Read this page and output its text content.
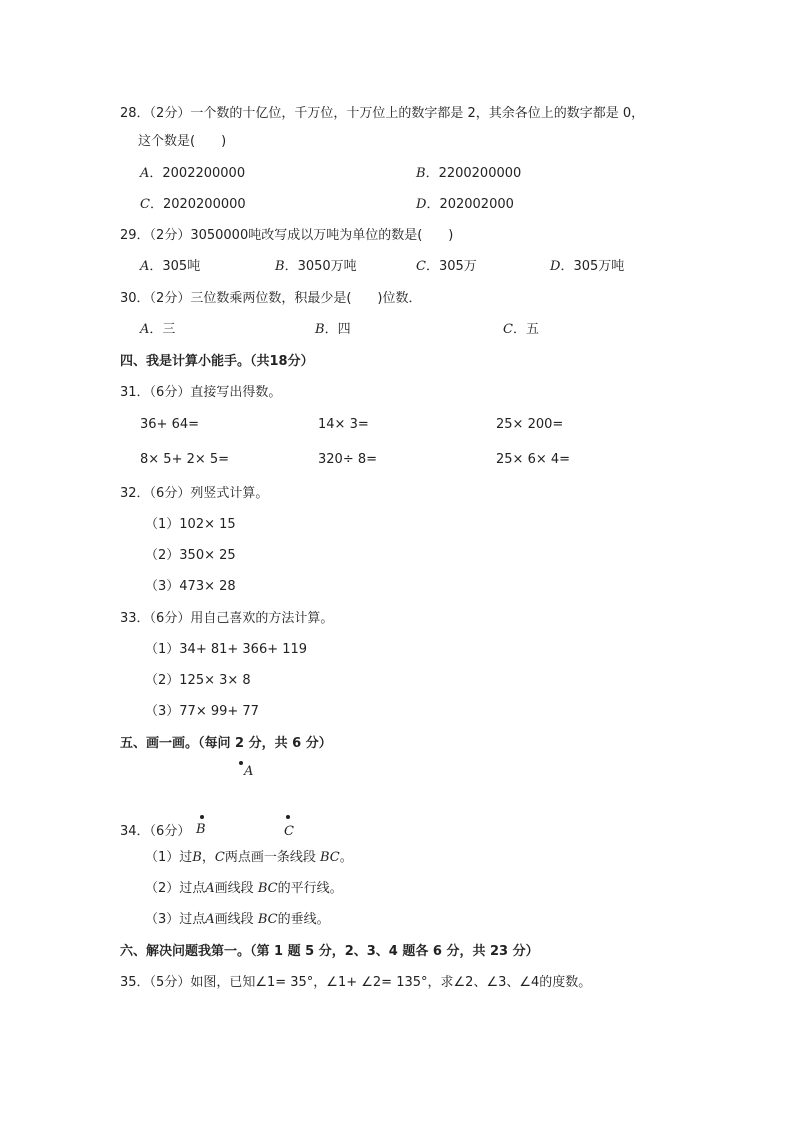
28．（2分）一个数的十亿位，千万位，十万位上的数字都是 2，其余各位上的数字都是 0，
这个数是(　　)
A．2002200000	B．2200200000
C．2020200000	D．202002000
29．（2分）3050000吨改写成以万吨为单位的数是(　　)
A．305吨	B．3050万吨	C．305万	D．305万吨
30．（2分）三位数乘两位数，积最少是(　　)位数．
A．三	B．四	C．五
四、我是计算小能手。（共18分）
31．（6分）直接写出得数。
36+ 64=	14× 3=	25× 200=
8× 5+ 2× 5=	320÷ 8=	25× 6× 4=
32．（6分）列竖式计算。
（1）102× 15
（2）350× 25
（3）473× 28
33．（6分）用自己喜欢的方法计算。
（1）34+ 81+ 366+ 119
（2）125× 3× 8
（3）77× 99+ 77
五、画一画。（每问 2 分，共 6 分）
A
B	C
34．（6分）
（1）过B，C两点画一条线段 BC。
（2）过点A画线段 BC的平行线。
（3）过点A画线段 BC的垂线。
六、解决问题我第一。（第 1 题 5 分，2、3、4 题各 6 分，共 23 分）
35．（5分）如图，已知∠1= 35°，∠1+ ∠2= 135°，求∠2、∠3、∠4的度数。
